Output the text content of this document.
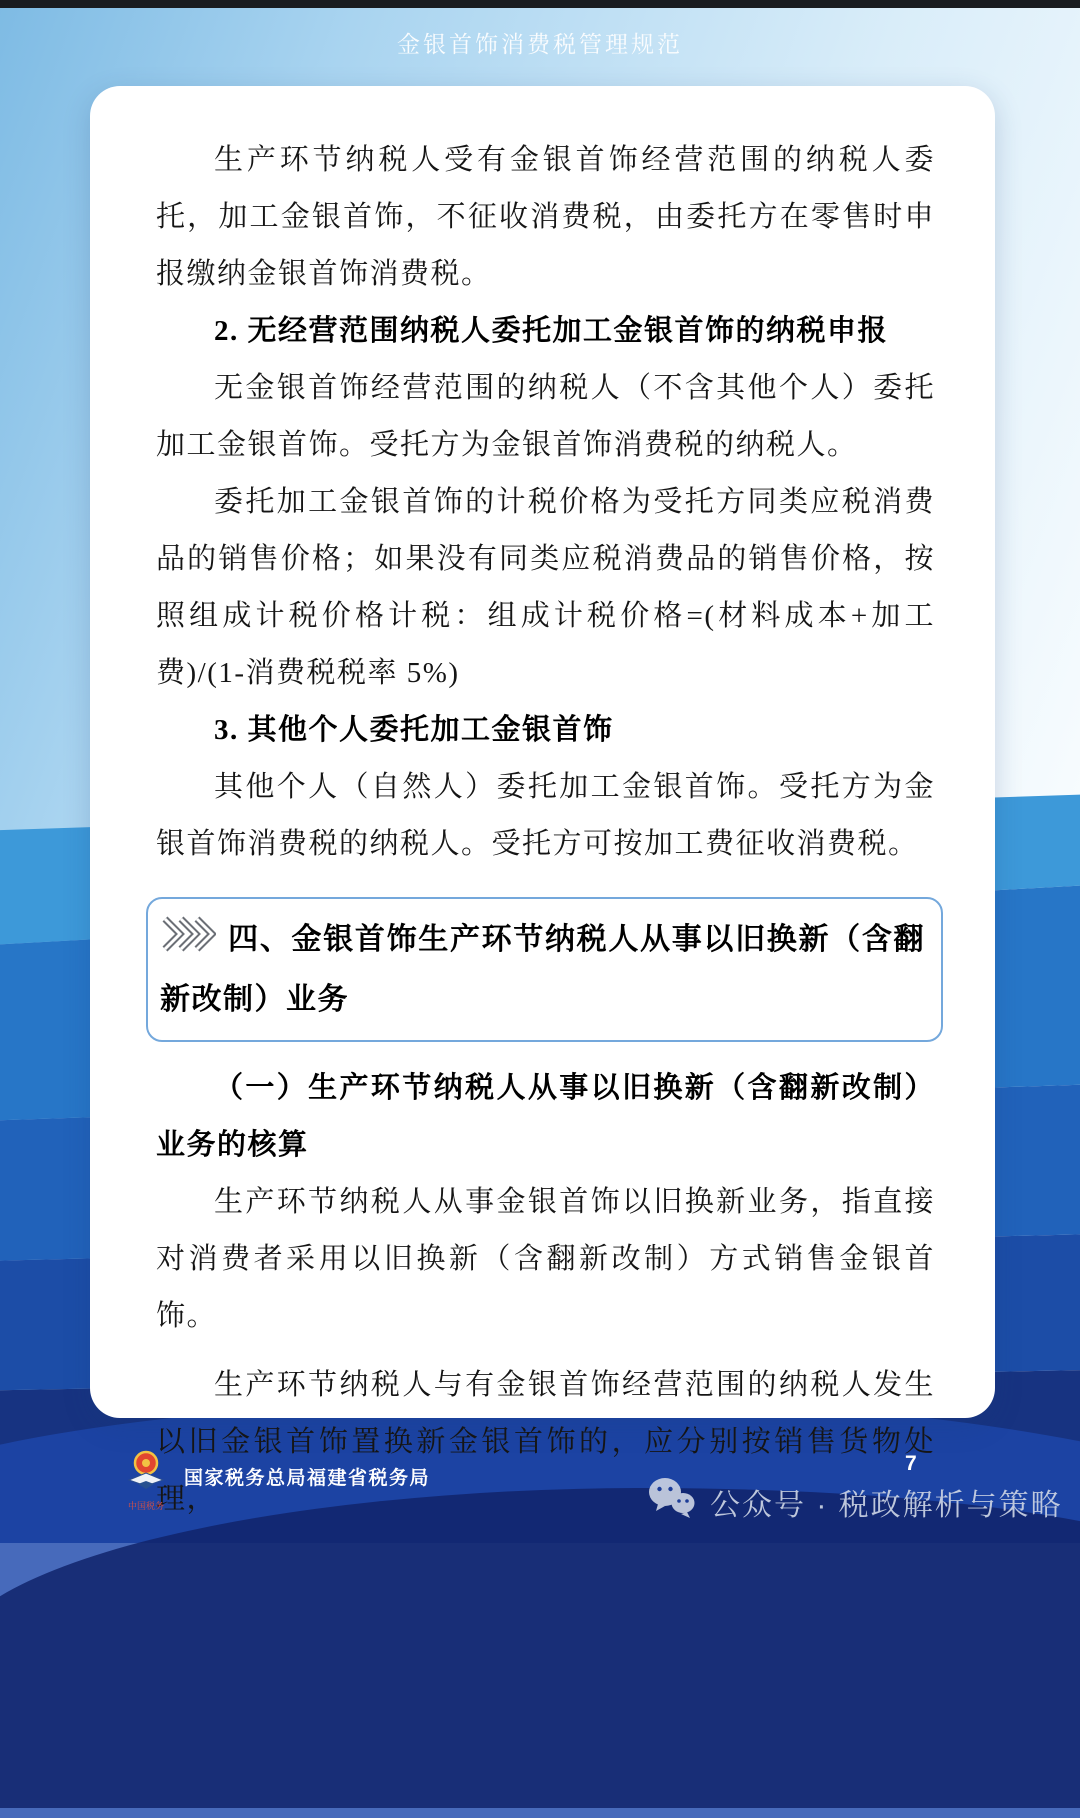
金银首饰消费税管理规范

生产环节纳税人受有金银首饰经营范围的纳税人委托，加工金银首饰，不征收消费税，由委托方在零售时申报缴纳金银首饰消费税。

2. 无经营范围纳税人委托加工金银首饰的纳税申报

无金银首饰经营范围的纳税人（不含其他个人）委托加工金银首饰。受托方为金银首饰消费税的纳税人。

委托加工金银首饰的计税价格为受托方同类应税消费品的销售价格；如果没有同类应税消费品的销售价格，按照组成计税价格计税：组成计税价格=(材料成本+加工费)/(1-消费税税率 5%)

3. 其他个人委托加工金银首饰

其他个人（自然人）委托加工金银首饰。受托方为金银首饰消费税的纳税人。受托方可按加工费征收消费税。

四、金银首饰生产环节纳税人从事以旧换新（含翻新改制）业务

（一）生产环节纳税人从事以旧换新（含翻新改制）业务的核算

生产环节纳税人从事金银首饰以旧换新业务，指直接对消费者采用以旧换新（含翻新改制）方式销售金银首饰。

生产环节纳税人与有金银首饰经营范围的纳税人发生以旧金银首饰置换新金银首饰的，应分别按销售货物处理，

中国税务
国家税务总局福建省税务局
7
公众号 · 税政解析与策略
